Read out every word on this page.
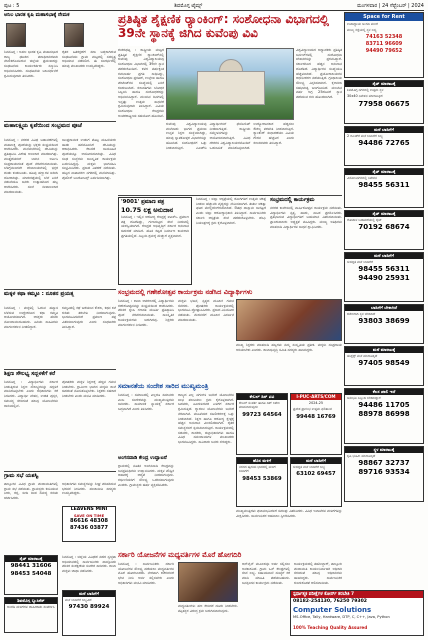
ಪುಟ : 5	ಶಿವಮೊಗ್ಗ ಟೈಮ್ಸ್	ಮಂಗಳವಾರ | 24 ಸೆಪ್ಟೆಂಬರ್ | 2024
ಅನಿಲ ಭಾರತ ಕೃಷಿ ಮಹಾಸಭಾಕ್ಕೆ ನೇಮಕ
ಶಿವಮೊಗ್ಗ : ಅಖಿಲ ಭಾರತ ಕೃಷಿ ಮಹಾಸಭಾದ ರಾಜ್ಯ ಘಟಕದ ಪದಾಧಿಕಾರಿಗಳಾಗಿ ನೇಮಕಗೊಂಡಿರುವ ಜಿಲ್ಲೆಯ ಪ್ರಮುಖರನ್ನು ಸಂಘಟನೆಯ ಕಾರ್ಯಕರ್ತರು ಸನ್ಮಾನಿಸಿ ಅಭಿನಂದಿಸಿದರು. ಸಂಘಟನೆಯ ಬಲವರ್ಧನೆಗೆ ಶ್ರಮಿಸುವುದಾಗಿ ತಿಳಿಸಿದರು.
ರೈತರ ಹಿತರಕ್ಷಣೆಗೆ ಸದಾ ಬದ್ಧರಾಗಿರುವ ಸಂಘಟನೆಯು ಗ್ರಾಮ ಮಟ್ಟದಲ್ಲಿ ಸದಸ್ಯತ್ವ ಅಭಿಯಾನ ನಡೆಸಲಿದೆ. ಈ ಸಂದರ್ಭದಲ್ಲಿ ಹಲವು ಮುಖಂಡರು ಉಪಸ್ಥಿತರಿದ್ದರು.
ಮಹಾಲಕ್ಷ್ಮಿಯ ಕೃಪೆಯಿಂದ ಸಂಭ್ರಮದ ಪೂಜೆ
ಶಿವಮೊಗ್ಗ : ನಗರದ ವಿವಿಧ ಬಡಾವಣೆಗಳಲ್ಲಿ ಮಹಾಲಕ್ಷ್ಮಿ ಪೂಜೆಯನ್ನು ಭಕ್ತರು ಸಂಭ್ರಮದಿಂದ ಆಚರಿಸಿದರು. ಮನೆಮನೆಗಳಲ್ಲಿ ದೇವಿಯನ್ನು ಪ್ರತಿಷ್ಠಾಪಿಸಿ ವಿಶೇಷ ಅಲಂಕಾರ ಮಾಡಲಾಗಿತ್ತು. ಮುತ್ತೈದೆಯರಿಗೆ ಬಾಗಿನ ಅರ್ಪಿಸಿ ಸಂಪ್ರದಾಯದಂತೆ ಪೂಜೆ ನೆರವೇರಿಸಲಾಯಿತು. ಬೆಳಿಗ್ಗೆಯಿಂದಲೇ ದೇವಾಲಯಗಳಲ್ಲಿ ಭಕ್ತರ ದಂಡು ಕಂಡುಬಂತು. ಹೂವು ಹಣ್ಣುಗಳ ಖರೀದಿ ಜೋರಾಗಿತ್ತು. ಮಾರುಕಟ್ಟೆಯಲ್ಲಿ ಬೆಲೆ ಏರಿಕೆ ನಡುವೆಯೂ ಜನರು ಉತ್ಸಾಹದಿಂದ ಹಬ್ಬ ಆಚರಿಸಿದರು. ಸಂಜೆ ದೀಪಾಲಂಕಾರ ಮಾಡಲಾಯಿತು.
ಸಾಂಪ್ರದಾಯಿಕ ಉಡುಗೆ ತೊಟ್ಟ ಮಹಿಳೆಯರು ಹಾಡು ಹಸೆಯೊಂದಿಗೆ ದೇವಿಯನ್ನು ಆರಾಧಿಸಿದರು. ಕೆಲವೆಡೆ ಸಾಮೂಹಿಕ ಪೂಜೆಯನ್ನೂ ಆಯೋಜಿಸಲಾಗಿತ್ತು. ವಿವಿಧ ಸಂಘ ಸಂಸ್ಥೆಗಳು ಸಾಂಸ್ಕೃತಿಕ ಕಾರ್ಯಕ್ರಮ ಏರ್ಪಡಿಸಿದ್ದವು. ಮಕ್ಕಳು ಭಾಗವಹಿಸಿ ಸಂಭ್ರಮಿಸಿದರು. ಪ್ರಸಾದ ವಿತರಣೆ ನಡೆಯಿತು. ಹಬ್ಬದ ವಾತಾವರಣ ನಗರದಲ್ಲಿ ಮನೆಮಾಡಿತ್ತು. ಪೊಲೀಸ್ ಬಂದೋಬಸ್ತ್ ಏರ್ಪಡಿಸಲಾಗಿತ್ತು.
ಮಕ್ಕಳ ಕಥಾ ಕಮ್ಮಟ : ನೂತನ ಪ್ರಯತ್ನ
ಶಿವಮೊಗ್ಗ : ಮಕ್ಕಳಲ್ಲಿ ಓದುವ ಹವ್ಯಾಸ ಬೆಳೆಸುವ ಉದ್ದೇಶದಿಂದ ಕಥಾ ಕಮ್ಮಟ ಆಯೋಜಿಸಲಾಗಿದೆ. ಆಸಕ್ತರು ಹೆಸರು ನೋಂದಾಯಿಸಬಹುದು. ಹಿರಿಯ ಸಾಹಿತಿಗಳು ಮಾರ್ಗದರ್ಶನ ನೀಡಲಿದ್ದಾರೆ.
ಕಮ್ಮಟದಲ್ಲಿ ಕಥೆ ಬರೆಯುವ ಕೌಶಲ, ಕಥನ ಕಲೆ ಕುರಿತು ತರಬೇತಿ ನೀಡಲಾಗುವುದು. ಭಾಗವಹಿಸಿದವರಿಗೆ ಪ್ರಮಾಣ ಪತ್ರ ವಿತರಿಸಲಾಗುವುದು ಎಂದು ಸಂಘಟಕರು ತಿಳಿಸಿದ್ದಾರೆ.
ಶಿಕ್ಷಣ ಸೌಲಭ್ಯ ಸದ್ಬಳಕೆಗೆ ಕರೆ
ಶಿವಮೊಗ್ಗ : ವಿದ್ಯಾರ್ಥಿಗಳು ಸರ್ಕಾರ ನೀಡುತ್ತಿರುವ ಶಿಕ್ಷಣ ಸೌಲಭ್ಯಗಳನ್ನು ಸದ್ಬಳಕೆ ಮಾಡಿಕೊಳ್ಳಬೇಕು ಎಂದು ಅಧಿಕಾರಿಗಳು ಕರೆ ನೀಡಿದರು. ವಿದ್ಯಾರ್ಥಿ ವೇತನ, ಉಚಿತ ಪುಸ್ತಕ, ಸಮವಸ್ತ್ರ ಸೇರಿದಂತೆ ಹಲವು ಯೋಜನೆಗಳು ಜಾರಿಯಲ್ಲಿವೆ.
ಪೋಷಕರು ಮಕ್ಕಳ ಶಿಕ್ಷಣಕ್ಕೆ ಹೆಚ್ಚಿನ ಗಮನ ನೀಡಬೇಕು. ಗ್ರಾಮೀಣ ಭಾಗದ ಮಕ್ಕಳು ಶಾಲೆ ಬಿಡದಂತೆ ನೋಡಿಕೊಳ್ಳಬೇಕು. ಶಿಕ್ಷಕರು ಸಹಕಾರ ನೀಡಬೇಕು ಎಂದು ಮನವಿ ಮಾಡಿದರು.
ಗ್ರಾಮ ಸಭೆ ಯಶಸ್ವಿ
ತಾಲ್ಲೂಕಿನ ವಿವಿಧ ಗ್ರಾಮ ಪಂಚಾಯಿತಿಗಳಲ್ಲಿ ಗ್ರಾಮ ಸಭೆ ನಡೆಯಿತು. ಗ್ರಾಮಸ್ಥರು ಕುಡಿಯುವ ನೀರು, ರಸ್ತೆ, ಬೀದಿ ದೀಪ ಸಮಸ್ಯೆ ಕುರಿತು ಚರ್ಚಿಸಿದರು.
ಅಧಿಕಾರಿಗಳು ಸಮಸ್ಯೆಗಳನ್ನು ಶೀಘ್ರ ಪರಿಹರಿಸುವ ಭರವಸೆ ನೀಡಿದರು. ಪಂಚಾಯಿತಿ ಸದಸ್ಯರು ಉಪಸ್ಥಿತರಿದ್ದರು.
ಸೈಟ್ ಮಾರಾಟಕ್ಕೆ
98441 31606
98453 54048
ಶಿವಮೊಗ್ಗ ಬ್ಯುಸಿನೆಸ್
ಅಂಗಡಿ ಮಳಿಗೆಗಳ ಜಾಹೀರಾತು ಸಂಪರ್ಕಿಸಿ
ಶಿವಮೊಗ್ಗ : ಜಿಲ್ಲೆಯ ವಿವಿಧೆಡೆ ನಡೆದ ಸ್ವಚ್ಛತಾ ಅಭಿಯಾನದಲ್ಲಿ ಸಾರ್ವಜನಿಕರು ಪಾಲ್ಗೊಂಡು ಪರಿಸರ ಸಂರಕ್ಷಣೆಯ ಸಂದೇಶ ಸಾರಿದರು. ಶಾಲಾ ಮಕ್ಕಳು ಜಾಥಾ ನಡೆಸಿದರು.
ಪ್ರತಿಷ್ಠಿತ ಶೈಕ್ಷಣಿಕ ರ್‍ಯಾಂಕಿಂಗ್: ಸಂಶೋಧನಾ ವಿಭಾಗದಲ್ಲಿ 39ನೇ ಸ್ಥಾನಕ್ಕೆ ಜಿಗಿದ ಕುವೆಂಪು ವಿವಿ
ಶಂಕರಘಟ್ಟ : ರಾಷ್ಟ್ರೀಯ ಮಟ್ಟದ ಪ್ರತಿಷ್ಠಿತ ಶೈಕ್ಷಣಿಕ ರ್‍ಯಾಂಕಿಂಗ್‌ನಲ್ಲಿ ಕುವೆಂಪು ವಿಶ್ವವಿದ್ಯಾಲಯವು ಸಂಶೋಧನಾ ವಿಭಾಗದಲ್ಲಿ 39ನೇ ಸ್ಥಾನ ಪಡೆದುಕೊಂಡಿದೆ. ಕಳೆದ ವರ್ಷಕ್ಕಿಂತ ಗಮನಾರ್ಹ ಪ್ರಗತಿ ಸಾಧಿಸಿದ್ದು, ಸಂಶೋಧನಾ ಪ್ರಕಟಣೆ, ಉಲ್ಲೇಖ ಹಾಗೂ ಪೇಟೆಂಟ್‌ಗಳ ಸಂಖ್ಯೆಯಲ್ಲಿ ಏರಿಕೆ ಕಂಡುಬಂದಿದೆ. ಕುಲಪತಿಗಳು ಬೋಧಕ ಸಿಬ್ಬಂದಿ ಹಾಗೂ ಸಂಶೋಧಕರನ್ನು ಅಭಿನಂದಿಸಿದ್ದಾರೆ. ಮುಂದಿನ ದಿನಗಳಲ್ಲಿ ಇನ್ನಷ್ಟು ಉತ್ತಮ ಸಾಧನೆಗೆ ಶ್ರಮಿಸುವುದಾಗಿ ತಿಳಿಸಿದ್ದಾರೆ. ವಿವಿಯ ಸಂಶೋಧನಾ ಕೇಂದ್ರಗಳು ಅಂತರರಾಷ್ಟ್ರೀಯ ಸಹಯೋಗ ಹೊಂದಿವೆ.
ವಿಶ್ವವಿದ್ಯಾಲಯದ ಅಧ್ಯಾಪಕರು ಪ್ರತಿಷ್ಠಿತ ಜರ್ನಲ್‌ಗಳಲ್ಲಿ ಸಂಶೋಧನಾ ಲೇಖನಗಳನ್ನು ಪ್ರಕಟಿಸಿದ್ದಾರೆ. ಸರ್ಕಾರದಿಂದ ಹೆಚ್ಚಿನ ಅನುದಾನ ದೊರೆತಿದೆ. ವಿದ್ಯಾರ್ಥಿಗಳ ಸಂಖ್ಯೆಯೂ ಹೆಚ್ಚಳವಾಗಿದೆ. ಪ್ರಯೋಗಾಲಯಗಳ ಆಧುನೀಕರಣ ನಡೆಯುತ್ತಿದೆ. ಗ್ರಂಥಾಲಯ ಸೌಲಭ್ಯ ವಿಸ್ತರಿಸಲಾಗಿದೆ. ಕೈಗಾರಿಕಾ ಸಹಭಾಗಿತ್ವ ಬಲಗೊಂಡಿದೆ. ಮುಂದಿನ ವರ್ಷ ಅಗ್ರ 25ರೊಳಗೆ ಸ್ಥಾನ ಪಡೆಯುವ ಗುರಿ ಹೊಂದಲಾಗಿದೆ.
ಕುವೆಂಪು ವಿಶ್ವವಿದ್ಯಾಲಯವು ಮಲೆನಾಡು ಭಾಗದ ಪ್ರಮುಖ ಉನ್ನತ ಶಿಕ್ಷಣ ಸಂಸ್ಥೆಯಾಗಿದ್ದು, ಹಲವು ಸ್ನಾತಕೋತ್ತರ ವಿಭಾಗಗಳನ್ನು ಹೊಂದಿದೆ. ಸಂಶೋಧನೆಗೆ ಒತ್ತು ನೀಡಲಾಗುತ್ತಿದೆ. ಪಿಎಚ್‌ಡಿ ವಿದ್ಯಾರ್ಥಿಗಳಿಗೆ ಫೆಲೋಶಿಪ್ ನೀಡಲಾಗುತ್ತಿದೆ. ರಾಷ್ಟ್ರೀಯ ಸಮ್ಮೇಳನಗಳನ್ನು ಆಯೋಜಿಸಲಾಗುತ್ತಿದೆ. ವಿವಿಧ ದೇಶಗಳ ವಿಶ್ವವಿದ್ಯಾಲಯಗಳೊಂದಿಗೆ ಒಡಂಬಡಿಕೆ ಮಾಡಿಕೊಳ್ಳಲಾಗಿದೆ. ಉದ್ಯೋಗಾವಕಾಶ ಹೆಚ್ಚಿಸಲು ಕೌಶಲ್ಯ ತರಬೇತಿ ನೀಡಲಾಗುತ್ತಿದೆ. ರ್‍ಯಾಂಕಿಂಗ್ ಸುಧಾರಣೆಯು ವಿವಿಯ ಗೌರವ ಹೆಚ್ಚಿಸಿದೆ ಎಂದು ಕುಲಸಚಿವರು ತಿಳಿಸಿದ್ದಾರೆ.
'9001' ಪ್ರಮಾಣ ಪತ್ರ
10.75 ಲಕ್ಷ ಅನುದಾನ
ಶಿವಮೊಗ್ಗ : ಇಲ್ಲಿನ ಆರೋಗ್ಯ ಕೇಂದ್ರಕ್ಕೆ ಐಎಸ್‌ಒ ಪ್ರಮಾಣ ಪತ್ರ ದೊರೆತಿದ್ದು, ಗುಣಮಟ್ಟದ ಸೇವೆ ನೀಡುವಲ್ಲಿ ಯಶಸ್ವಿಯಾಗಿದೆ. ಕೇಂದ್ರದ ಅಭಿವೃದ್ಧಿಗೆ ಸರ್ಕಾರ ಅನುದಾನ ಬಿಡುಗಡೆ ಮಾಡಿದೆ. ಹೊಸ ಕಟ್ಟಡ ನಿರ್ಮಾಣ ಕಾಮಗಾರಿ ಪ್ರಗತಿಯಲ್ಲಿದೆ. ಸಿಬ್ಬಂದಿ ಶ್ರಮಕ್ಕೆ ಮೆಚ್ಚುಗೆ ವ್ಯಕ್ತವಾಗಿದೆ.
ಶಿವಮೊಗ್ಗ : ಜಿಲ್ಲಾ ಆಸ್ಪತ್ರೆಯಲ್ಲಿ ರೋಗಿಗಳಿಗೆ ಉತ್ತಮ ಚಿಕಿತ್ಸೆ ನೀಡಲು ಹೆಚ್ಚುವರಿ ವೈದ್ಯರನ್ನು ನೇಮಿಸಲಾಗಿದೆ. ತುರ್ತು ಚಿಕಿತ್ಸಾ ಘಟಕ ಮೇಲ್ದರ್ಜೆಗೇರಿಸಲಾಗಿದೆ. ಔಷಧ ದಾಸ್ತಾನು ಸಾಕಷ್ಟಿದೆ ಎಂದು ಜಿಲ್ಲಾ ಆರೋಗ್ಯಾಧಿಕಾರಿ ತಿಳಿಸಿದ್ದಾರೆ. ಸಾರ್ವಜನಿಕರು ಸರ್ಕಾರಿ ಆಸ್ಪತ್ರೆಯ ಸೇವೆ ಪಡೆದುಕೊಳ್ಳಬೇಕು. ಡೆಂಘಿ ನಿಯಂತ್ರಣಕ್ಕೆ ಕ್ರಮ ಕೈಗೊಳ್ಳಲಾಗಿದೆ.
ಸಂಭ್ರಮದಲ್ಲಿ ಕಾರ್ಯಕ್ರಮ
ನಗರದ ಕಾಲೇಜಿನಲ್ಲಿ ವಾರ್ಷಿಕೋತ್ಸವ ಕಾರ್ಯಕ್ರಮ ನಡೆಯಿತು. ವಿದ್ಯಾರ್ಥಿಗಳು ನೃತ್ಯ, ಹಾಡು, ನಾಟಕ ಪ್ರದರ್ಶಿಸಿದರು. ಪ್ರತಿಭಾವಂತ ವಿದ್ಯಾರ್ಥಿಗಳಿಗೆ ಬಹುಮಾನ ವಿತರಿಸಲಾಯಿತು. ಪ್ರಾಂಶುಪಾಲರು ಅಧ್ಯಕ್ಷತೆ ವಹಿಸಿದ್ದರು. ಮುಖ್ಯ ಅತಿಥಿಗಳು ಮಾತನಾಡಿ ವಿದ್ಯಾರ್ಥಿಗಳ ಸಾಧನೆ ಶ್ಲಾಘಿಸಿದರು.
ಸಂಭ್ರಮದಲ್ಲಿ ಗಣೇಶೋತ್ಸವ ಕಾರ್ಯಕ್ರಮ ನಡೆಸಿದ ವಿದ್ಯಾರ್ಥಿಗಳು
ಶಿವಮೊಗ್ಗ : ಶಾಲಾ ಆವರಣದಲ್ಲಿ ವಿದ್ಯಾರ್ಥಿಗಳು ಗಣೇಶೋತ್ಸವವನ್ನು ಸಂಭ್ರಮದಿಂದ ಆಚರಿಸಿದರು. ಪರಿಸರ ಸ್ನೇಹಿ ಗಣಪತಿ ಮೂರ್ತಿ ಪ್ರತಿಷ್ಠಾಪಿಸಿ ಪೂಜೆ ನೆರವೇರಿಸಲಾಯಿತು. ಸಾಂಸ್ಕೃತಿಕ ಕಾರ್ಯಕ್ರಮಗಳು ಜರುಗಿದವು. ಶಿಕ್ಷಕರು ಮಾರ್ಗದರ್ಶನ ನೀಡಿದರು.
ಮಕ್ಕಳು ಭಜನೆ, ನೃತ್ಯದ ಮೂಲಕ ಗಮನ ಸೆಳೆದರು. ಪೋಷಕರು ಕಾರ್ಯಕ್ರಮದಲ್ಲಿ ಭಾಗವಹಿಸಿ ಪ್ರೋತ್ಸಾಹಿಸಿದರು. ಪ್ರಸಾದ ವಿನಿಯೋಗ ನಡೆಯಿತು. ಮೆರವಣಿಗೆ ಮೂಲಕ ವಿಸರ್ಜನೆ ಮಾಡಲಾಯಿತು.
ಮುಖ್ಯ ಶಿಕ್ಷಕರು ಮಾತನಾಡಿ ಹಬ್ಬಗಳು ನಮ್ಮ ಸಂಸ್ಕೃತಿಯ ಪ್ರತೀಕ. ಮಕ್ಕಳು ಸಂಪ್ರದಾಯ ಅರಿಯಬೇಕು ಎಂದರು. ಶಾಲಾಭಿವೃದ್ಧಿ ಸಮಿತಿ ಸದಸ್ಯರು ಹಾಜರಿದ್ದರು.
ಸಮಾನತೆಯ ಸಂದೇಶ ಸಾರಿದ ಮುಖ್ಯಮಂತ್ರಿ
ಶಿವಮೊಗ್ಗ : ಸಮಾಜದಲ್ಲಿ ಎಲ್ಲರೂ ಸಮಾನರು ಎಂಬ ಸಂದೇಶವನ್ನು ಮುಖ್ಯಮಂತ್ರಿಗಳು ಸಾರಿದರು. ಸಾಮಾಜಿಕ ನ್ಯಾಯಕ್ಕೆ ಸರ್ಕಾರ ಬದ್ಧವಾಗಿದೆ ಎಂದು ತಿಳಿಸಿದರು.
ಅಂಗನವಾಡಿ ಕೇಂದ್ರ ಉದ್ಘಾಟನೆ
ಗ್ರಾಮದಲ್ಲಿ ನೂತನ ಅಂಗನವಾಡಿ ಕೇಂದ್ರವನ್ನು ಜನಪ್ರತಿನಿಧಿಗಳು ಉದ್ಘಾಟಿಸಿದರು. ಮಕ್ಕಳ ಪೌಷ್ಟಿಕ ಆಹಾರಕ್ಕೆ ಆದ್ಯತೆ ನೀಡಲಾಗುವುದು. ಗರ್ಭಿಣಿಯರಿಗೆ ಸೌಲಭ್ಯ ಒದಗಿಸಲಾಗುವುದು ಎಂದರು. ಗ್ರಾಮಸ್ಥರು ಹರ್ಷ ವ್ಯಕ್ತಪಡಿಸಿದರು.
ರಾಜ್ಯದ ಎಲ್ಲ ವರ್ಗಗಳ ಜನರಿಗೆ ಯೋಜನೆಗಳ ಲಾಭ ತಲುಪಿಸಲು ಕ್ರಮ ಕೈಗೊಳ್ಳಲಾಗಿದೆ. ಬಡವರು, ಹಿಂದುಳಿದವರ ಏಳಿಗೆಗೆ ಸರ್ಕಾರ ಶ್ರಮಿಸುತ್ತಿದೆ. ಗ್ಯಾರಂಟಿ ಯೋಜನೆಗಳು ಜನರಿಗೆ ನೆರವಾಗಿವೆ. ಮಹಿಳೆಯರ ಸಬಲೀಕರಣಕ್ಕೆ ಒತ್ತು ನೀಡಲಾಗಿದೆ. ಶಿಕ್ಷಣ ಹಾಗೂ ಆರೋಗ್ಯ ಕ್ಷೇತ್ರಕ್ಕೆ ಹೆಚ್ಚಿನ ಅನುದಾನ ಮೀಸಲಿಡಲಾಗಿದೆ. ರೈತರ ಸಮಸ್ಯೆಗಳಿಗೆ ಸ್ಪಂದಿಸಲಾಗುತ್ತಿದೆ. ಕಾರ್ಯಕ್ರಮದಲ್ಲಿ ಸಚಿವರು, ಶಾಸಕರು, ಜಿಲ್ಲಾಧಿಕಾರಿಗಳು ಹಾಗೂ ವಿವಿಧ ಸಮುದಾಯಗಳ ಮುಖಂಡರು ಭಾಗವಹಿಸಿದ್ದರು. ಸಾವಿರಾರು ಜನರು ಸೇರಿದ್ದರು.
ಕೇಬಲ್ ಡಿಸ್ ಟಿವಿ
ಕೇಬಲ್ ಸಂಪರ್ಕ ಹಾಗೂ ಡಿಶ್ ರಿಪೇರಿ ಮಾಡಲಾಗುವುದು
99723 64564
I-PUC-ARTS/COM
2024-25
ಪ್ರವೇಶ ಪ್ರಾರಂಭ ಉತ್ತಮ ಫಲಿತಾಂಶ
99448 16769
ಹೊಸ ಮಳಿಗೆ
ನಗರದ ಹೃದಯ ಭಾಗದಲ್ಲಿ ಮಳಿಗೆ ಬಾಡಿಗೆಗೆ
98453 53869
ಮನೆ ಬಾಡಿಗೆಗೆ
ಸುಸಜ್ಜಿತ ಮನೆ ಬಾಡಿಗೆಗೆ ಲಭ್ಯ
63102 69457
ಮುಖ್ಯಮಂತ್ರಿಗಳು ಫಲಾನುಭವಿಗಳಿಗೆ ಸವಲತ್ತು ವಿತರಿಸಿದರು. ವಿವಿಧ ಇಲಾಖೆಗಳ ಮಳಿಗೆಗಳನ್ನು ವೀಕ್ಷಿಸಿದರು. ಸಾರ್ವಜನಿಕರ ಅಹವಾಲು ಸ್ವೀಕರಿಸಿದರು.
ಸರ್ಕಾರಿ ಯೋಜನೆಗಳ ಮಧ್ಯವರ್ತಿಗಳ ಮೊರೆ ಹೋಗದಿರಿ
ಶಿವಮೊಗ್ಗ : ಸಾರ್ವಜನಿಕರು ಸರ್ಕಾರಿ ಯೋಜನೆಗಳ ಸೌಲಭ್ಯ ಪಡೆಯಲು ಮಧ್ಯವರ್ತಿಗಳ ಮೊರೆ ಹೋಗಬಾರದು. ನೇರವಾಗಿ ಕಚೇರಿಗಳಿಗೆ ಭೇಟಿ ನೀಡಿ ಅರ್ಜಿ ಸಲ್ಲಿಸಬೇಕು ಎಂದು ಅಧಿಕಾರಿಗಳು ಮನವಿ ಮಾಡಿದರು.
ಮಧ್ಯವರ್ತಿಗಳು ಹಣ ಕೇಳಿದರೆ ದೂರು ನೀಡಬೇಕು. ತಪ್ಪಿತಸ್ಥರ ವಿರುದ್ಧ ಕ್ರಮ ಜರುಗಿಸಲಾಗುವುದು.
ಆನ್‌ಲೈನ್ ಮೂಲಕವೂ ಅರ್ಜಿ ಸಲ್ಲಿಸಲು ಅವಕಾಶವಿದೆ. ಗ್ರಾಮ ಒನ್ ಕೇಂದ್ರಗಳಲ್ಲಿ ಸೇವೆ ಲಭ್ಯ. ಸಹಾಯವಾಣಿ ಸಂಖ್ಯೆಗೆ ಕರೆ ಮಾಡಿ ಮಾಹಿತಿ ಪಡೆಯಬಹುದು. ಜನಸ್ಪಂದನ ಕಾರ್ಯಕ್ರಮ ನಡೆಯಿತು.
ಕಾರ್ಯಕ್ರಮದಲ್ಲಿ ತಹಶೀಲ್ದಾರ್, ತಾಲ್ಲೂಕು ಪಂಚಾಯಿತಿ ಕಾರ್ಯನಿರ್ವಾಹಕ ಅಧಿಕಾರಿ ಸೇರಿದಂತೆ ಹಲವು ಅಧಿಕಾರಿಗಳು ಹಾಜರಿದ್ದರು. ಸಾರ್ವಜನಿಕರ ಕುಂದುಕೊರತೆ ಆಲಿಸಲಾಯಿತು.
Space for Rent
ಉಪಾಧ್ಯಾಯ ಅಂಗಡಿ ಮಳಿಗೆ
ಮುಖ್ಯ ರಸ್ತೆಯಲ್ಲಿ ಸ್ಥಳ ಲಭ್ಯ
74163 52348
83711 96609
94490 79652
ಸೈಟ್ ಮಾರಾಟಕ್ಕೆ
ಶಿವಮೊಗ್ಗ ನಗರದಲ್ಲಿ ಉತ್ತಮ ಸ್ಥಳ
30x40 ನಿವೇಶನ ಮಾರಾಟಕ್ಕಿದೆ
77958 06675
ಮನೆ ಬಾಡಿಗೆಗೆ
2 ಬಿಎಚ್‌ಕೆ ಮನೆ ಬಾಡಿಗೆಗೆ ಲಭ್ಯ
94486 72765
ಸೈಟ್ ಮಾರಾಟಕ್ಕೆ
ವಿನೋಬನಗರದಲ್ಲಿ ನಿವೇಶನ
98455 56311
ಸೈಟ್ ಮಾರಾಟಕ್ಕೆ
ಗೋಪಾಳ ಬಡಾವಣೆಯಲ್ಲಿ ಸೈಟ್
70192 68674
ಮನೆ ಬಾಡಿಗೆಗೆ
ಸುಸಜ್ಜಿತ ಮನೆ ಬಾಡಿಗೆಗೆ
98455 56311
94490 25931
ಬಾಡಿಗೆಗೆ ಬೇಕಾಗಿದೆ
ಕಚೇರಿಗಾಗಿ ಸ್ಥಳ ಬೇಕಾಗಿದೆ
93803 38699
ಮನೆ ಮಾರಾಟಕ್ಕೆ
ಡುಪ್ಲೆಕ್ಸ್ ಮನೆ ಮಾರಾಟಕ್ಕಿದೆ
97405 98549
ಕೆಲಸ ಖಾಲಿ ಇದೆ
ಅನುಭವಿ ಸಿಬ್ಬಂದಿ ಬೇಕಾಗಿದ್ದಾರೆ
94486 11705
88978 86998
ಸ್ಥಳ ಮಾರಾಟಕ್ಕೆ
ಕೃಷಿ ಭೂಮಿ ಮಾರಾಟಕ್ಕಿದೆ
98867 32737
89716 93534
ಸ್ಪರ್ಧಾತ್ಮಕ ಪರೀಕ್ಷೆಗಳ ಕೋರ್ಸ್ ತರಬೇತಿ 7
08182-254130, 76250 79302
Computer Solutions
MS-Office, Tally, Hardware, DTP, C, C++, Java, Python
100% Teaching Quality Assured
LEAVENS MINI
SAVE ON TIME
86616 48308
87436 03877
ಮನೆ ಬಾಡಿಗೆಗೆ
ಮನೆ ಬಾಡಿಗೆಗೆ ಲಭ್ಯವಿದೆ
97430 89924
